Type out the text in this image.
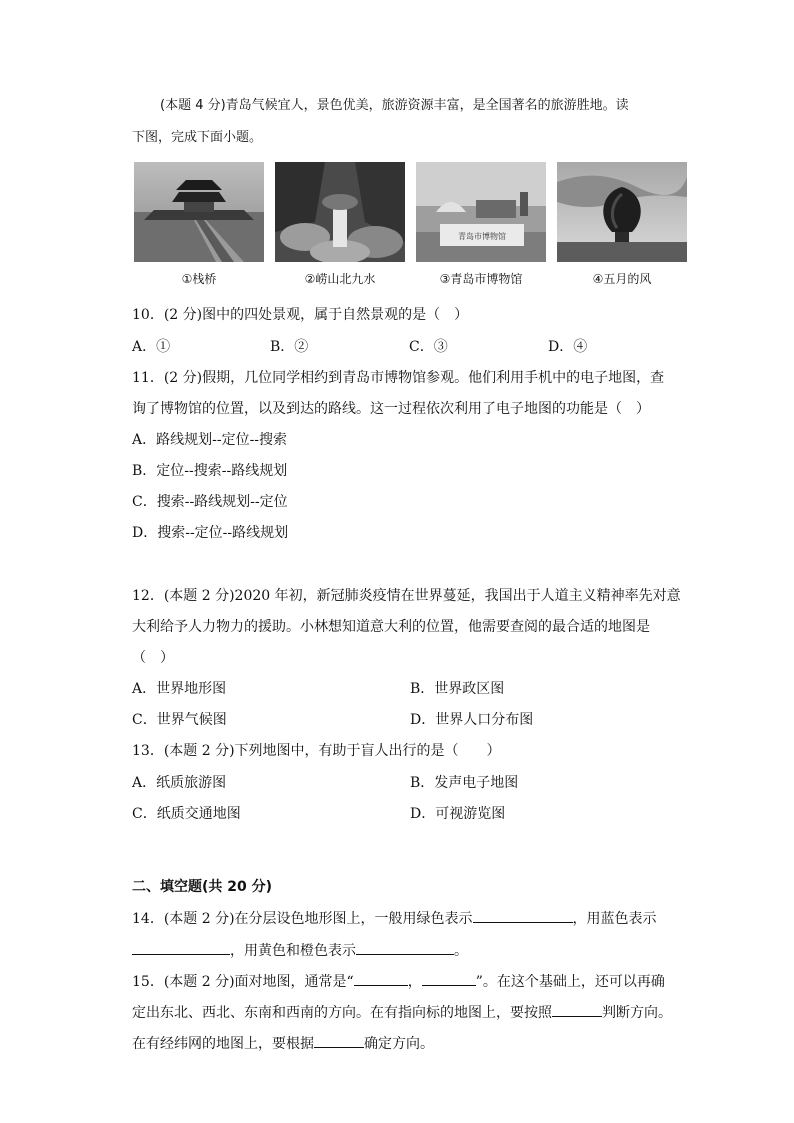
(本题 4 分)青岛气候宜人，景色优美，旅游资源丰富，是全国著名的旅游胜地。读
下图，完成下面小题。
①栈桥	②崂山北九水
青岛市博物馆
③青岛市博物馆	④五月的风
10．(2 分)图中的四处景观，属于自然景观的是（　）
A．①	B．②	C．③	D．④
11．(2 分)假期，几位同学相约到青岛市博物馆参观。他们利用手机中的电子地图，查
询了博物馆的位置，以及到达的路线。这一过程依次利用了电子地图的功能是（　）
A．路线规划--定位--搜索
B．定位--搜索--路线规划
C．搜索--路线规划--定位
D．搜索--定位--路线规划
12．(本题 2 分)2020 年初，新冠肺炎疫情在世界蔓延，我国出于人道主义精神率先对意
大利给予人力物力的援助。小林想知道意大利的位置，他需要查阅的最合适的地图是
（　）
A．世界地形图	B．世界政区图
C．世界气候图	D．世界人口分布图
13．(本题 2 分)下列地图中，有助于盲人出行的是（　　）
A．纸质旅游图	B．发声电子地图
C．纸质交通地图	D．可视游览图
二、填空题(共 20 分)
14．(本题 2 分)在分层设色地形图上，一般用绿色表示	，用蓝色表示
，用黄色和橙色表示	。
15．(本题 2 分)面对地图，通常是“	，	”。在这个基础上，还可以再确
定出东北、西北、东南和西南的方向。在有指向标的地图上，要按照	判断方向。
在有经纬网的地图上，要根据	确定方向。
